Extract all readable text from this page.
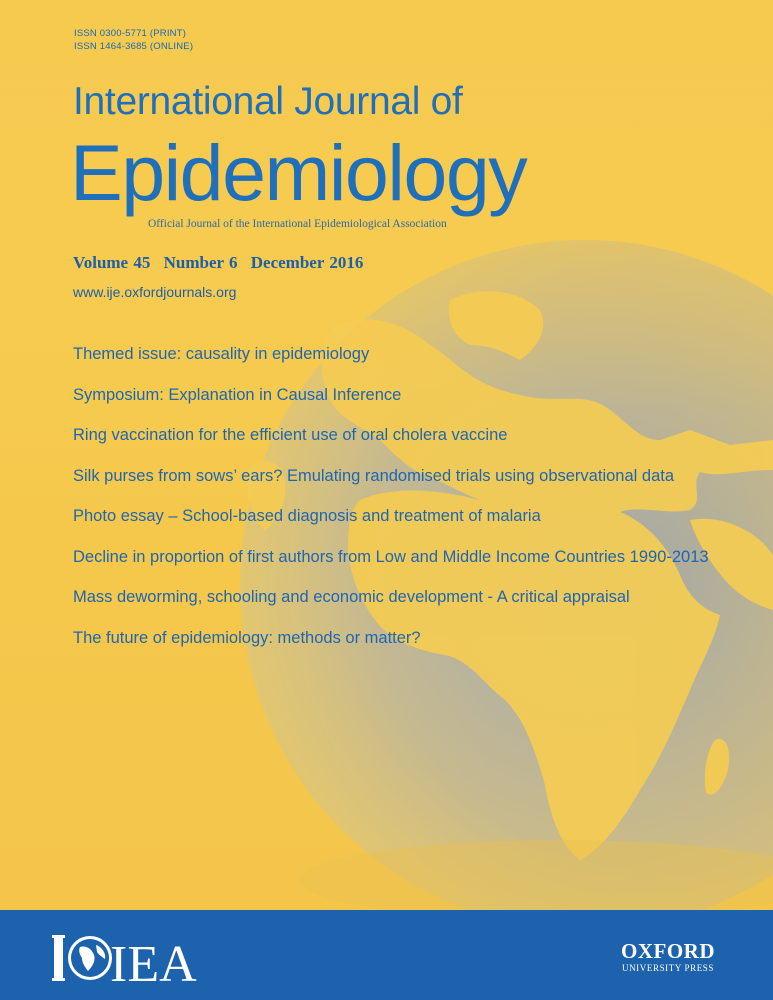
ISSN 0300-5771 (PRINT)
ISSN 1464-3685 (ONLINE)
International Journal of
Epidemiology
Official Journal of the International Epidemiological Association
Volume 45 Number 6 December 2016
www.ije.oxfordjournals.org
Themed issue: causality in epidemiology
Symposium: Explanation in Causal Inference
Ring vaccination for the efficient use of oral cholera vaccine
Silk purses from sows’ ears? Emulating randomised trials using observational data
Photo essay – School-based diagnosis and treatment of malaria
Decline in proportion of first authors from Low and Middle Income Countries 1990-2013
Mass deworming, schooling and economic development - A critical appraisal
The future of epidemiology: methods or matter?
IEA	OXFORD
UNIVERSITY PRESS
